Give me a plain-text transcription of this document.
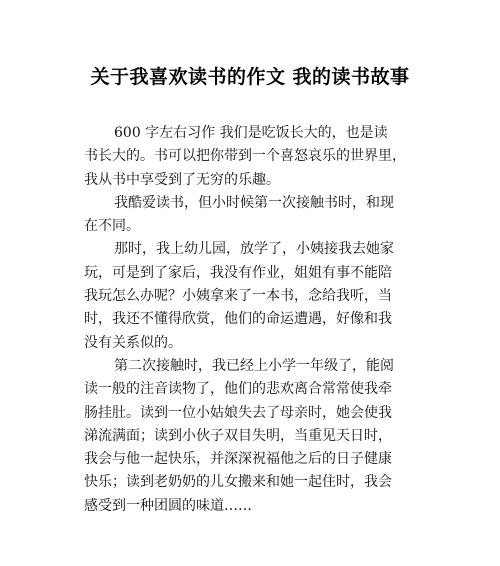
关于我喜欢读书的作文 我的读书故事
600 字左右习作 我们是吃饭长大的，也是读
书长大的。书可以把你带到一个喜怒哀乐的世界里，
我从书中享受到了无穷的乐趣。
我酷爱读书，但小时候第一次接触书时，和现
在不同。
那时，我上幼儿园，放学了，小姨接我去她家
玩，可是到了家后，我没有作业，姐姐有事不能陪
我玩怎么办呢？小姨拿来了一本书，念给我听，当
时，我还不懂得欣赏，他们的命运遭遇，好像和我
没有关系似的。
第二次接触时，我已经上小学一年级了，能阅
读一般的注音读物了，他们的悲欢离合常常使我牵
肠挂肚。读到一位小姑娘失去了母亲时，她会使我
涕流满面；读到小伙子双目失明，当重见天日时，
我会与他一起快乐，并深深祝福他之后的日子健康
快乐；读到老奶奶的儿女搬来和她一起住时，我会
感受到一种团圆的味道……
